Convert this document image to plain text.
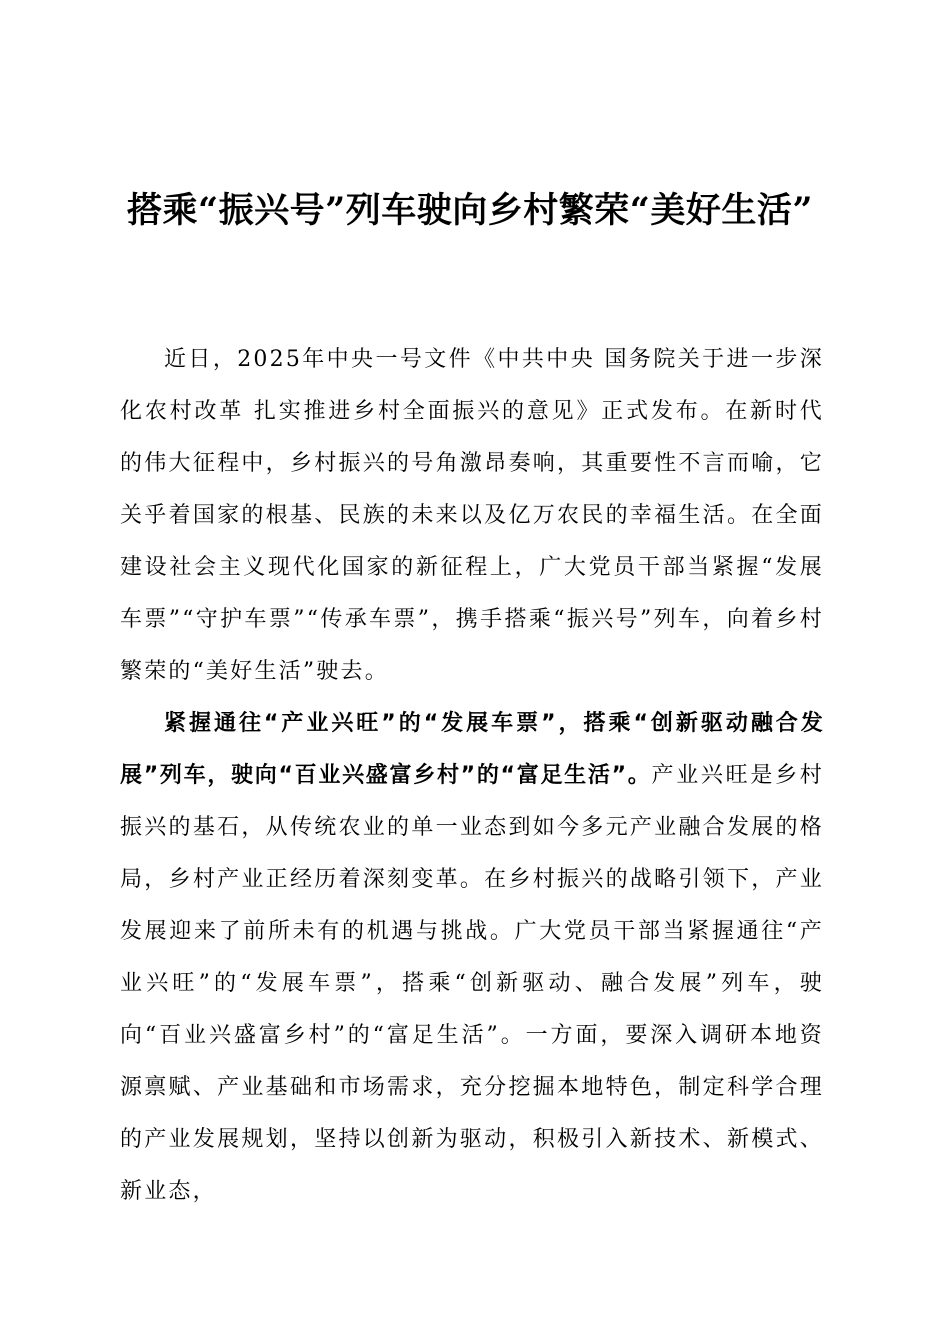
搭乘“振兴号”列车驶向乡村繁荣“美好生活”

近日，2025年中央一号文件《中共中央 国务院关于进一步深化农村改革 扎实推进乡村全面振兴的意见》正式发布。在新时代的伟大征程中，乡村振兴的号角激昂奏响，其重要性不言而喻，它关乎着国家的根基、民族的未来以及亿万农民的幸福生活。在全面建设社会主义现代化国家的新征程上，广大党员干部当紧握“发展车票”“守护车票”“传承车票”，携手搭乘“振兴号”列车，向着乡村繁荣的“美好生活”驶去。

紧握通往“产业兴旺”的“发展车票”，搭乘“创新驱动融合发展”列车，驶向“百业兴盛富乡村”的“富足生活”。产业兴旺是乡村振兴的基石，从传统农业的单一业态到如今多元产业融合发展的格局，乡村产业正经历着深刻变革。在乡村振兴的战略引领下，产业发展迎来了前所未有的机遇与挑战。广大党员干部当紧握通往“产业兴旺”的“发展车票”，搭乘“创新驱动、融合发展”列车，驶向“百业兴盛富乡村”的“富足生活”。一方面，要深入调研本地资源禀赋、产业基础和市场需求，充分挖掘本地特色，制定科学合理的产业发展规划，坚持以创新为驱动，积极引入新技术、新模式、新业态，
